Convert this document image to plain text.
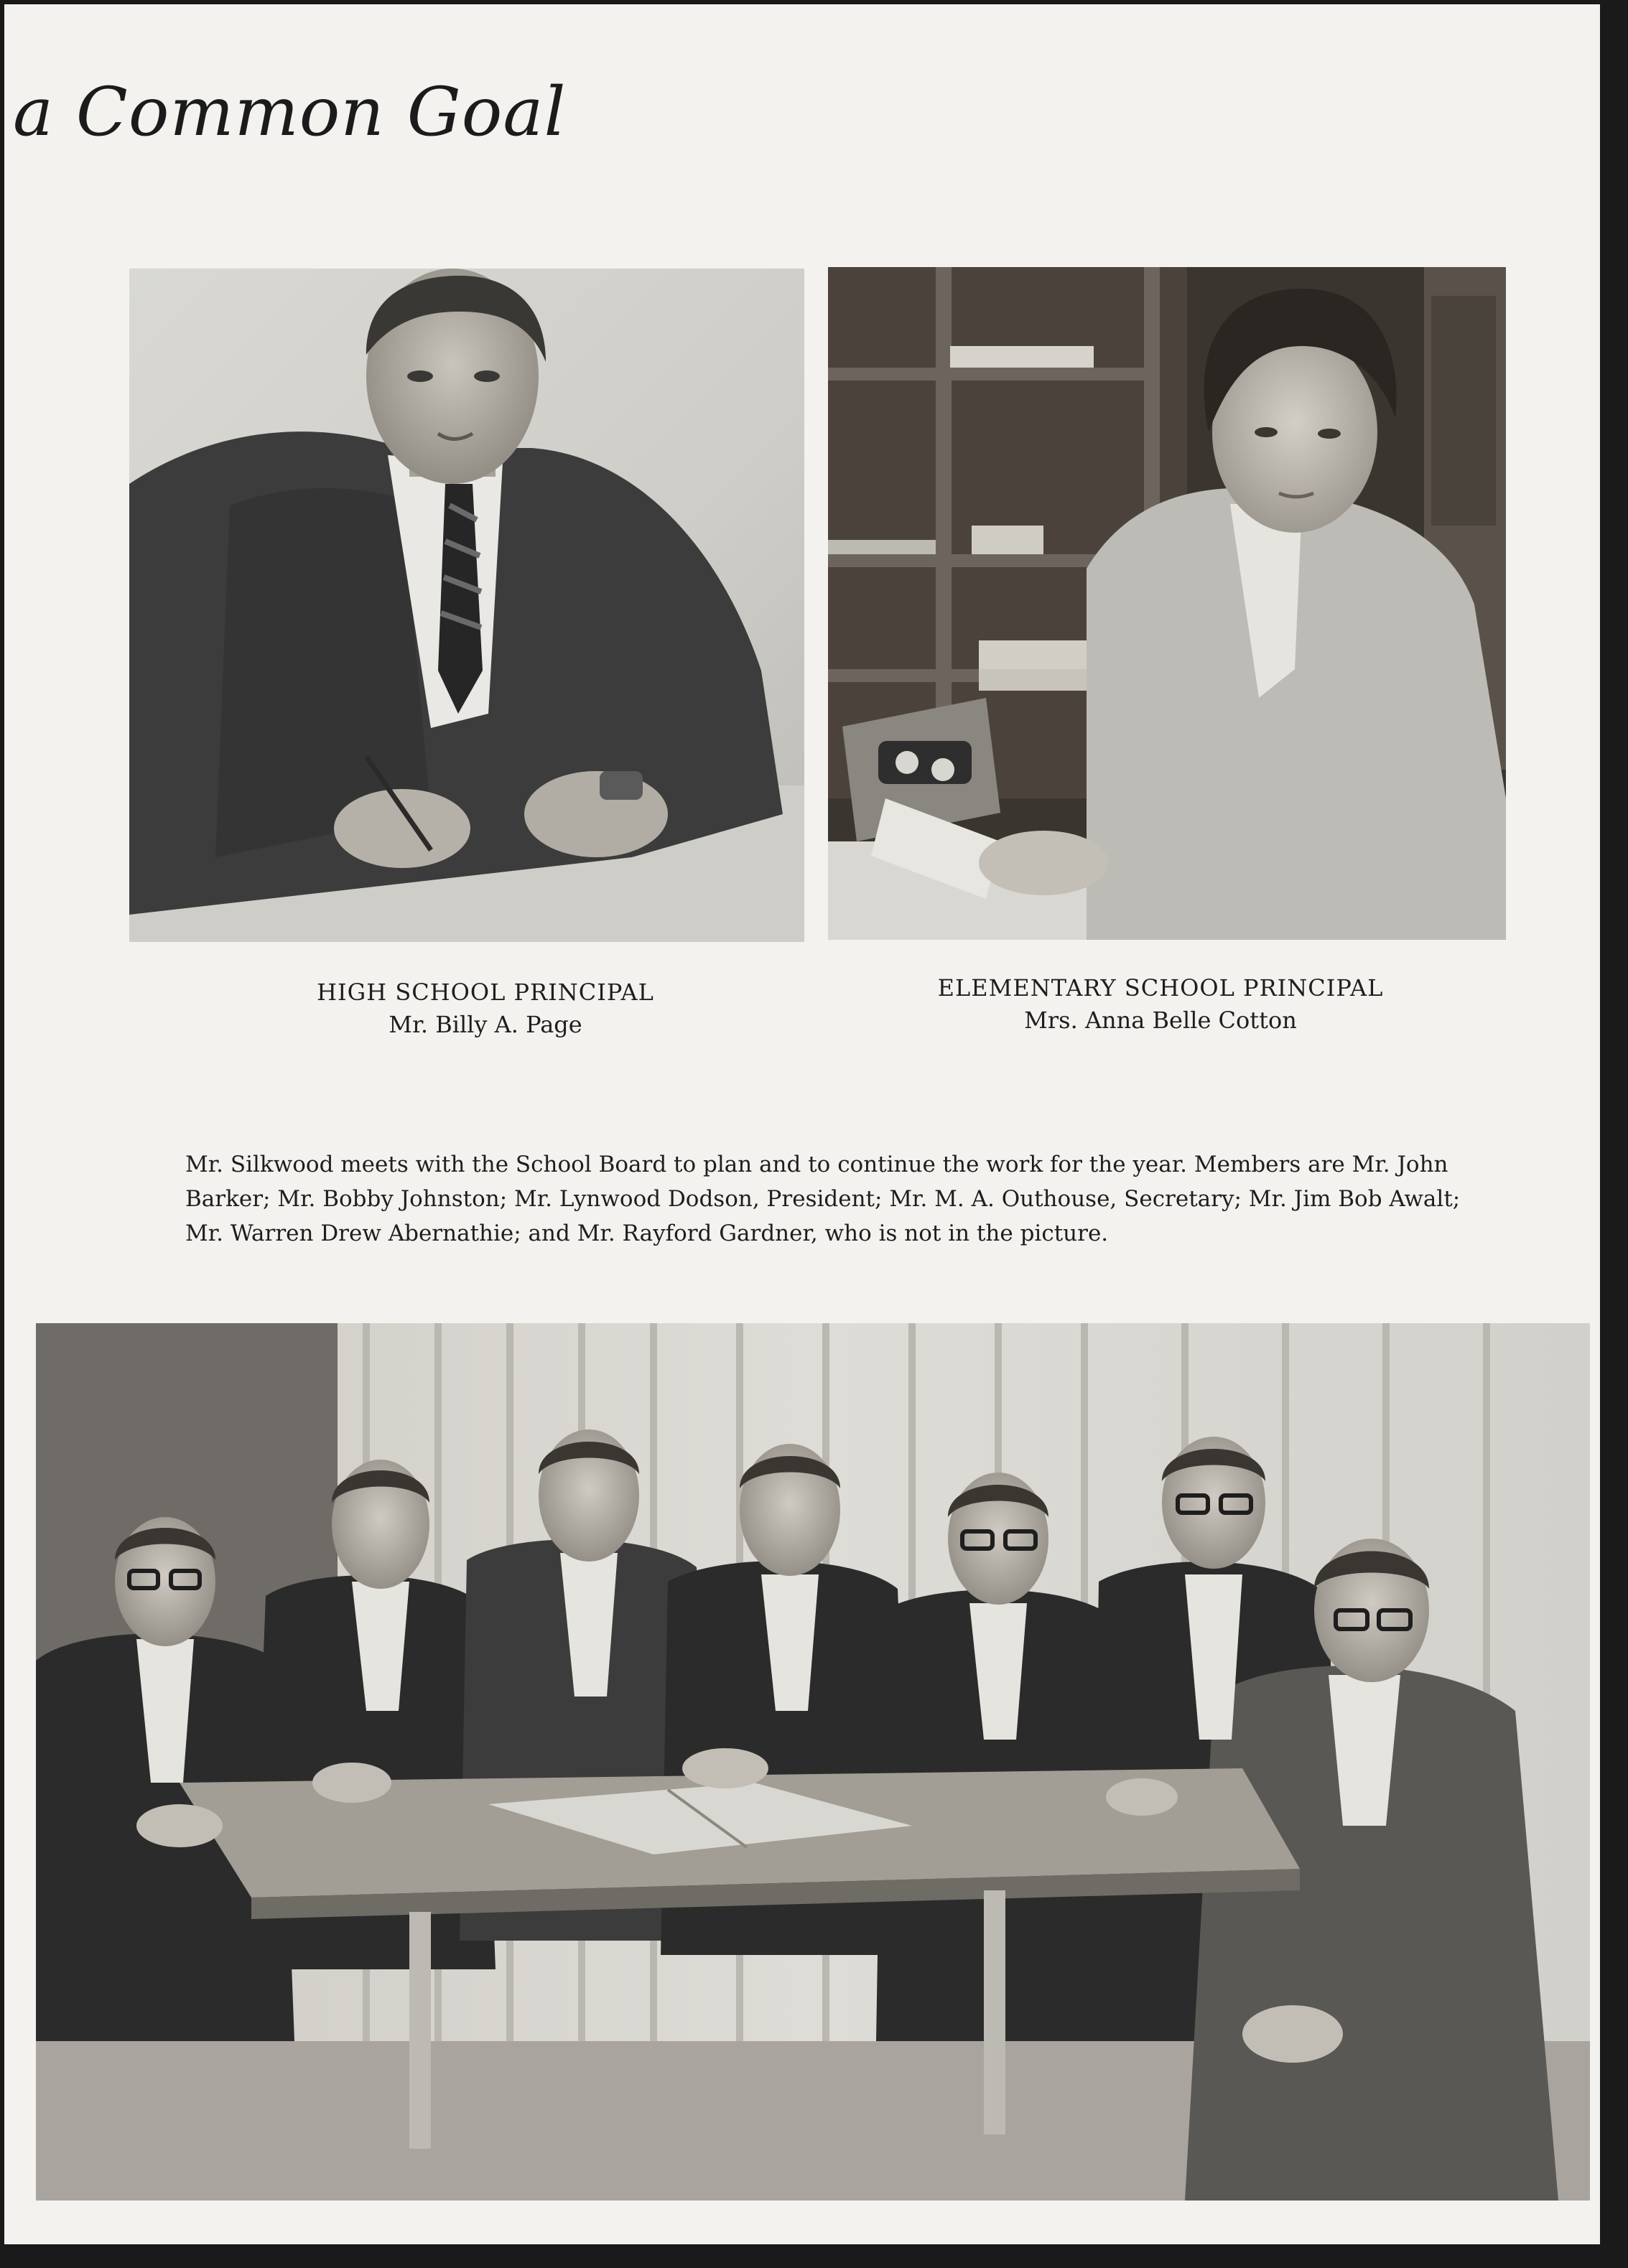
a Common Goal
HIGH SCHOOL PRINCIPAL
Mr. Billy A. Page
ELEMENTARY SCHOOL PRINCIPAL
Mrs. Anna Belle Cotton

Mr. Silkwood meets with the School Board to plan and to continue the work for the year. Members are Mr. John Barker; Mr. Bobby Johnston; Mr. Lynwood Dodson, President; Mr. M. A. Outhouse, Secretary; Mr. Jim Bob Awalt; Mr. Warren Drew Abernathie; and Mr. Rayford Gardner, who is not in the picture.
